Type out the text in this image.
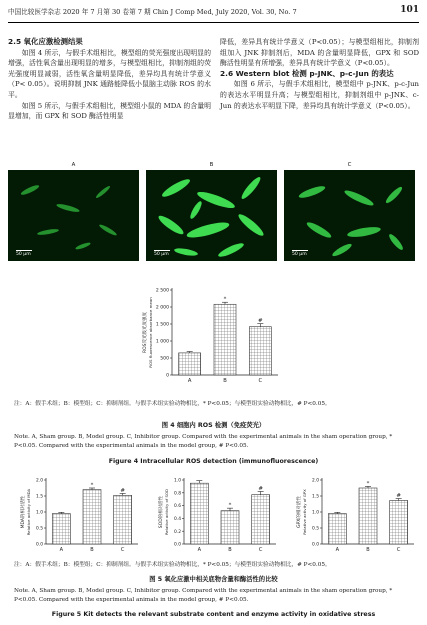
中国比较医学杂志 2020 年 7 月第 30 卷第 7 期 Chin J Comp Med, July 2020, Vol. 30, No. 7	101
2.5 氧化应激检测结果

如图 4 所示，与假手术组相比，模型组的荧光强度出现明显的增强，活性氧含量出现明显的增多，与模型组相比，抑制剂组的荧光强度明显减弱，活性氧含量明显降低，差异均具有统计学意义（P< 0.05）。说明抑制 JNK 通路能降低小鼠脑主动脉 ROS 的水平。

如图 5 所示，与假手术组相比，模型组小鼠的 MDA 的含量明显增加，而 GPX 和 SOD 酶活性明显

降低，差异具有统计学意义（P<0.05）；与模型组相比，抑制剂组加入 JNK 抑制剂后，MDA 的含量明显降低，GPX 和 SOD 酶活性明显有所增强，差异具有统计学意义（P<0.05）。

2.6 Western blot 检测 p-JNK、p-c-Jun 的表达

如图 6 所示，与假手术组相比，模型组中 p-JNK、p-c-Jun 的表达水平明显升高；与模型组相比，抑制剂组中 p-JNK、c-Jun 的表达水平明显下降，差异均具有统计学意义（P<0.05）。

A	B	C
50 μm	50 μm	50 μm
0
500
1 000
1 500
2 000
2 500
ROS荧光吸光度强度 ROS fluorescence absorbance mean
A
*
B
#
C
注：A：假手术组；B：模型组；C：抑制剂组。与假手术组实验动物相比，* P<0.05；与模型组实验动物相比，# P<0.05。
图 4 细胞内 ROS 检测（免疫荧光）
Note. A, Sham group. B, Model group. C, Inhibitor group. Compared with the experimental animals in the sham operation group, * P<0.05. Compared with the experimental animals in the model group, # P<0.05.
Figure 4 Intracellular ROS detection (immunofluorescence)
0.0
0.5
1.0
1.5
2.0
MDA的相对活性 Relative activity of MDA
A
*
B
#
C
0.0
0.2
0.4
0.6
0.8
1.0
SOD的相对活性 Relative activity of SOD
A
*
B
#
C
0.0
0.5
1.0
1.5
2.0
GPX的相对活性 Relative activity of GPX
A
*
B
#
C
注：A：假手术组；B：模型组；C：抑制剂组。与假手术组实验动物相比，* P<0.05；与模型组实验动物相比，# P<0.05。
图 5 氧化应激中相关底物含量和酶活性的比较
Note. A, Sham group. B, Model group. C, Inhibitor group. Compared with the experimental animals in the sham operation group, * P<0.05. Compared with the experimental animals in the model group, # P<0.05.
Figure 5 Kit detects the relevant substrate content and enzyme activity in oxidative stress
